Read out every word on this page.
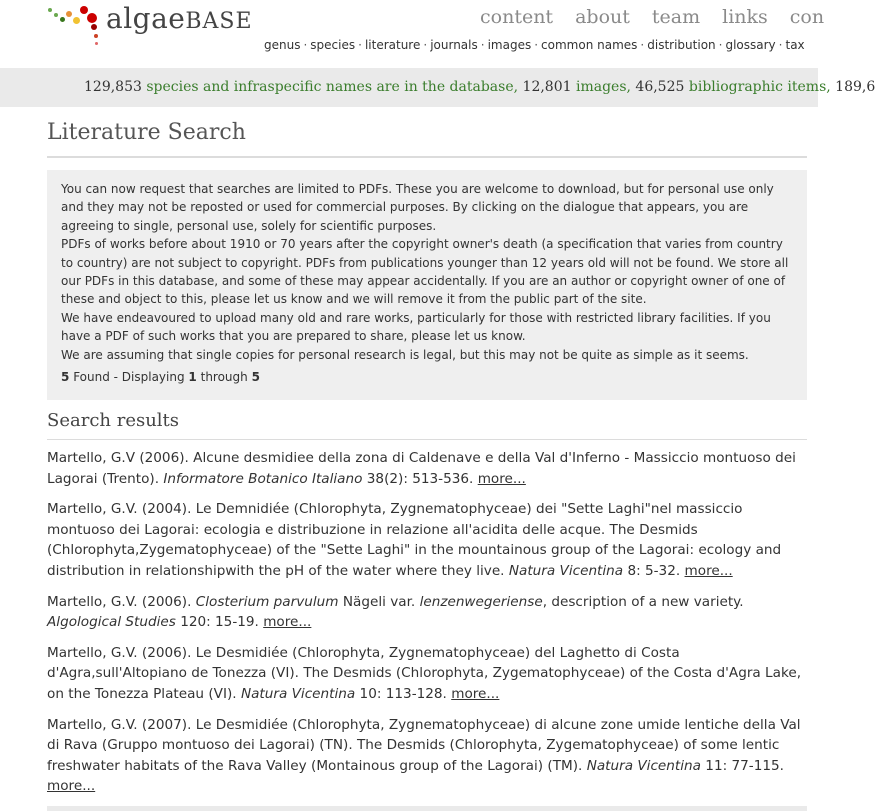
algaeBASE	content about team links con
genus · species · literature · journals · images · common names · distribution · glossary · tax
129,853 species and infraspecific names are in the database, 12,801 images, 46,525 bibliographic items, 189,6
Literature Search

You can now request that searches are limited to PDFs. These you are welcome to download, but for personal use only and they may not be reposted or used for commercial purposes. By clicking on the dialogue that appears, you are agreeing to single, personal use, solely for scientific purposes.

PDFs of works before about 1910 or 70 years after the copyright owner's death (a specification that varies from country to country) are not subject to copyright. PDFs from publications younger than 12 years old will not be found. We store all our PDFs in this database, and some of these may appear accidentally. If you are an author or copyright owner of one of these and object to this, please let us know and we will remove it from the public part of the site.

We have endeavoured to upload many old and rare works, particularly for those with restricted library facilities. If you have a PDF of such works that you are prepared to share, please let us know.

We are assuming that single copies for personal research is legal, but this may not be quite as simple as it seems.

5 Found - Displaying 1 through 5

Search results
Martello, G.V (2006). Alcune desmidiee della zona di Caldenave e della Val d'Inferno - Massiccio montuoso dei Lagorai (Trento). Informatore Botanico Italiano 38(2): 513-536. more...
Martello, G.V. (2004). Le Demnidiée (Chlorophyta, Zygnematophyceae) dei "Sette Laghi"nel massiccio montuoso dei Lagorai: ecologia e distribuzione in relazione all'acidita delle acque. The Desmids (Chlorophyta,Zygematophyceae) of the "Sette Laghi" in the mountainous group of the Lagorai: ecology and distribution in relationshipwith the pH of the water where they live. Natura Vicentina 8: 5-32. more...
Martello, G.V. (2006). Closterium parvulum Nägeli var. lenzenwegeriense, description of a new variety. Algological Studies 120: 15-19. more...
Martello, G.V. (2006). Le Desmidiée (Chlorophyta, Zygnematophyceae) del Laghetto di Costa d'Agra,sull'Altopiano de Tonezza (VI). The Desmids (Chlorophyta, Zygematophyceae) of the Costa d'Agra Lake, on the Tonezza Plateau (VI). Natura Vicentina 10: 113-128. more...
Martello, G.V. (2007). Le Desmidiée (Chlorophyta, Zygnematophyceae) di alcune zone umide lentiche della Val di Rava (Gruppo montuoso dei Lagorai) (TN). The Desmids (Chlorophyta, Zygematophyceae) of some lentic freshwater habitats of the Rava Valley (Montainous group of the Lagorai) (TM). Natura Vicentina 11: 77-115. more...
